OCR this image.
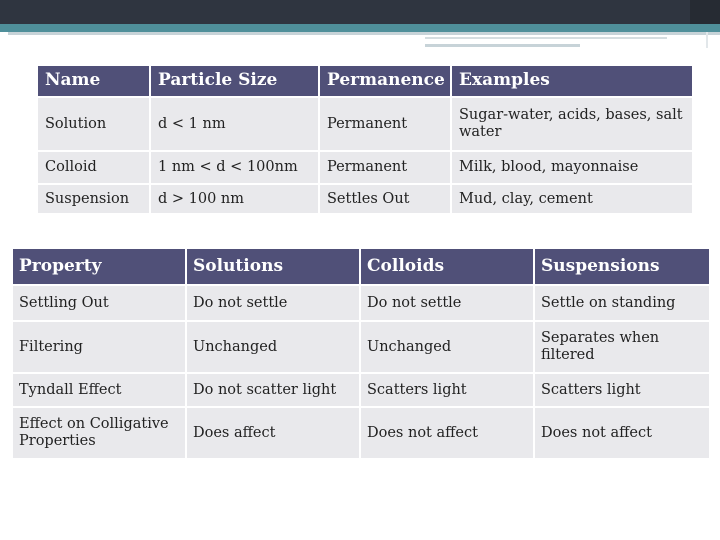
Name	Particle Size	Permanence	Examples
Solution	d < 1 nm	Permanent	Sugar-water, acids, bases, salt water
Colloid	1 nm < d < 100nm	Permanent	Milk, blood, mayonnaise
Suspension	d > 100 nm	Settles Out	Mud, clay, cement
Property	Solutions	Colloids	Suspensions
Settling Out	Do not settle	Do not settle	Settle on standing
Filtering	Unchanged	Unchanged	Separates when filtered
Tyndall Effect	Do not scatter light	Scatters light	Scatters light
Effect on Colligative Properties	Does affect	Does not affect	Does not affect
